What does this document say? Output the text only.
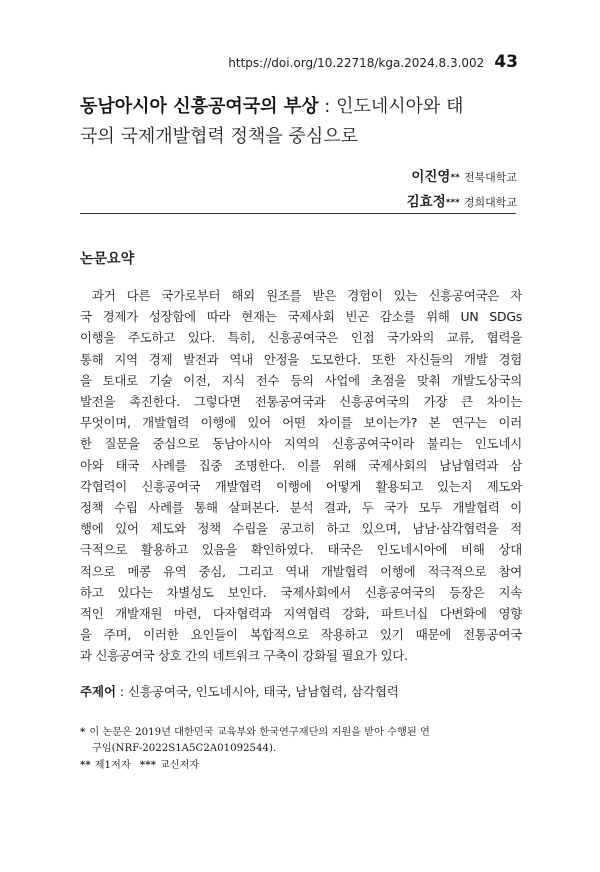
https://doi.org/10.22718/kga.2024.8.3.002 43
동남아시아 신흥공여국의 부상 : 인도네시아와 태
국의 국제개발협력 정책을 중심으로
이진영** 전북대학교
김효정*** 경희대학교
논문요약
과거 다른 국가로부터 해외 원조를 받은 경험이 있는 신흥공여국은 자
국 경제가 성장함에 따라 현재는 국제사회 빈곤 감소를 위해 UN SDGs
이행을 주도하고 있다. 특히, 신흥공여국은 인접 국가와의 교류, 협력을
통해 지역 경제 발전과 역내 안정을 도모한다. 또한 자신들의 개발 경험
을 토대로 기술 이전, 지식 전수 등의 사업에 초점을 맞춰 개발도상국의
발전을 촉진한다. 그렇다면 전통공여국과 신흥공여국의 가장 큰 차이는
무엇이며, 개발협력 이행에 있어 어떤 차이를 보이는가? 본 연구는 이러
한 질문을 중심으로 동남아시아 지역의 신흥공여국이라 불리는 인도네시
아와 태국 사례를 집중 조명한다. 이를 위해 국제사회의 남남협력과 삼
각협력이 신흥공여국 개발협력 이행에 어떻게 활용되고 있는지 제도와
정책 수립 사례를 통해 살펴본다. 분석 결과, 두 국가 모두 개발협력 이
행에 있어 제도와 정책 수립을 공고히 하고 있으며, 남남·삼각협력을 적
극적으로 활용하고 있음을 확인하였다. 태국은 인도네시아에 비해 상대
적으로 메콩 유역 중심, 그리고 역내 개발협력 이행에 적극적으로 참여
하고 있다는 차별성도 보인다. 국제사회에서 신흥공여국의 등장은 지속
적인 개발재원 마련, 다자협력과 지역협력 강화, 파트너십 다변화에 영향
을 주며, 이러한 요인들이 복합적으로 작용하고 있기 때문에 전통공여국
과 신흥공여국 상호 간의 네트워크 구축이 강화될 필요가 있다.
주제어 : 신흥공여국, 인도네시아, 태국, 남남협력, 삼각협력
* 이 논문은 2019년 대한민국 교육부와 한국연구재단의 지원을 받아 수행된 연
구임(NRF-2022S1A5C2A01092544).
** 제1저자 *** 교신저자
